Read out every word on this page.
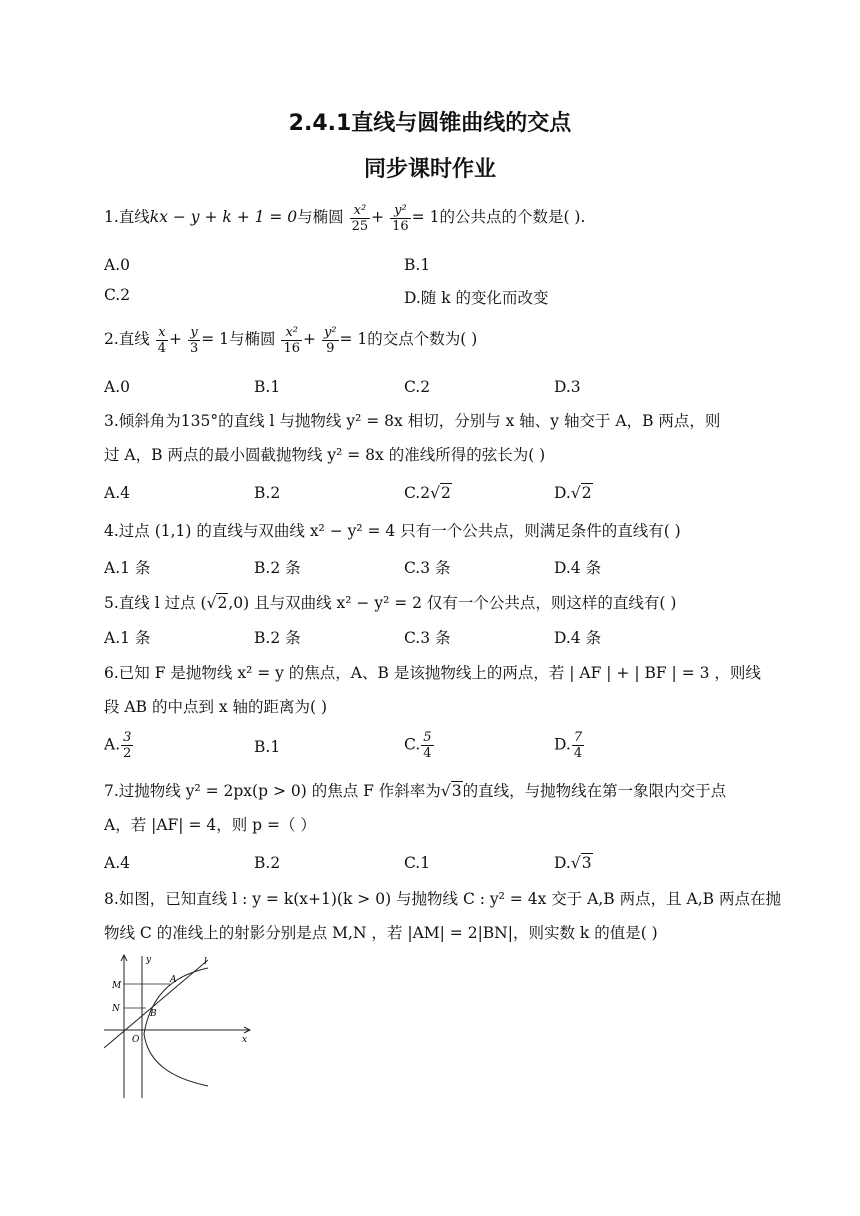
2.4.1直线与圆锥曲线的交点
同步课时作业
1.直线kx − y + k + 1 = 0与椭圆 $\frac{\text{x²}}{25} + \frac{\text{y²}}{16} = 1$的公共点的个数是( ).
A.0	B.1
C.2	D.随 k 的变化而改变
2.直线 $\frac{x}{4} + \frac{y}{3} = 1$与椭圆 $\frac{\text{x²}}{16} + \frac{\text{y²}}{9} = 1$的交点个数为( )
A.0	B.1	C.2	D.3
3.倾斜角为135°的直线 l 与抛物线 y² = 8x 相切，分别与 x 轴、y 轴交于 A，B 两点，则
过 A，B 两点的最小圆截抛物线 y² = 8x 的准线所得的弦长为( )
A.4	B.2	C.2√2	D.√2
4.过点 (1,1) 的直线与双曲线 x² − y² = 4 只有一个公共点，则满足条件的直线有( )
A.1 条	B.2 条	C.3 条	D.4 条
5.直线 l 过点 (√2,0) 且与双曲线 x² − y² = 2 仅有一个公共点，则这样的直线有( )
A.1 条	B.2 条	C.3 条	D.4 条
6.已知 F 是抛物线 x² = y 的焦点，A、B 是该抛物线上的两点，若 | AF | + | BF | = 3 ，则线
段 AB 的中点到 x 轴的距离为( )
A. $\frac{3}{2}$	B.1	C. $\frac{5}{4}$	D. $\frac{7}{4}$
7.过抛物线 y² = 2px(p > 0) 的焦点 F 作斜率为√3的直线，与抛物线在第一象限内交于点
A，若 |AF| = 4，则 p =（ ）
A.4	B.2	C.1	D.√3
8.如图，已知直线 l : y = k(x+1)(k > 0) 与抛物线 C : y² = 4x 交于 A,B 两点，且 A,B 两点在抛
物线 C 的准线上的射影分别是点 M,N ，若 |AM| = 2|BN|，则实数 k 的值是( )
y	l
M
A
N	B
O	x
